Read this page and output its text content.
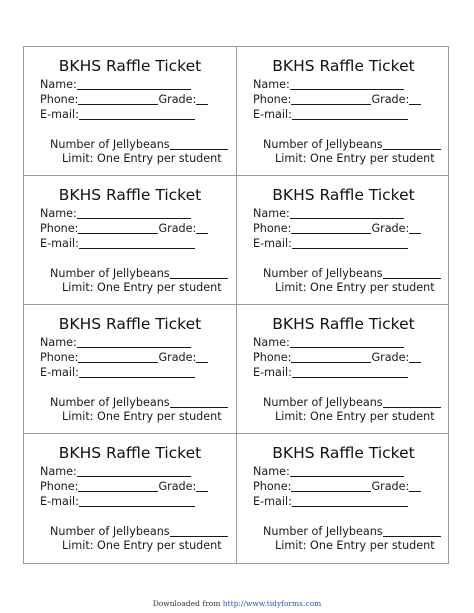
BKHS Raffle Ticket
Name:
Phone:	Grade:
E-mail:
Number of Jellybeans
Limit: One Entry per student
BKHS Raffle Ticket
Name:
Phone:	Grade:
E-mail:
Number of Jellybeans
Limit: One Entry per student
BKHS Raffle Ticket
Name:
Phone:	Grade:
E-mail:
Number of Jellybeans
Limit: One Entry per student
BKHS Raffle Ticket
Name:
Phone:	Grade:
E-mail:
Number of Jellybeans
Limit: One Entry per student
BKHS Raffle Ticket
Name:
Phone:	Grade:
E-mail:
Number of Jellybeans
Limit: One Entry per student
BKHS Raffle Ticket
Name:
Phone:	Grade:
E-mail:
Number of Jellybeans
Limit: One Entry per student
BKHS Raffle Ticket
Name:
Phone:	Grade:
E-mail:
Number of Jellybeans
Limit: One Entry per student
BKHS Raffle Ticket
Name:
Phone:	Grade:
E-mail:
Number of Jellybeans
Limit: One Entry per student
Downloaded from http://www.tidyforms.com
